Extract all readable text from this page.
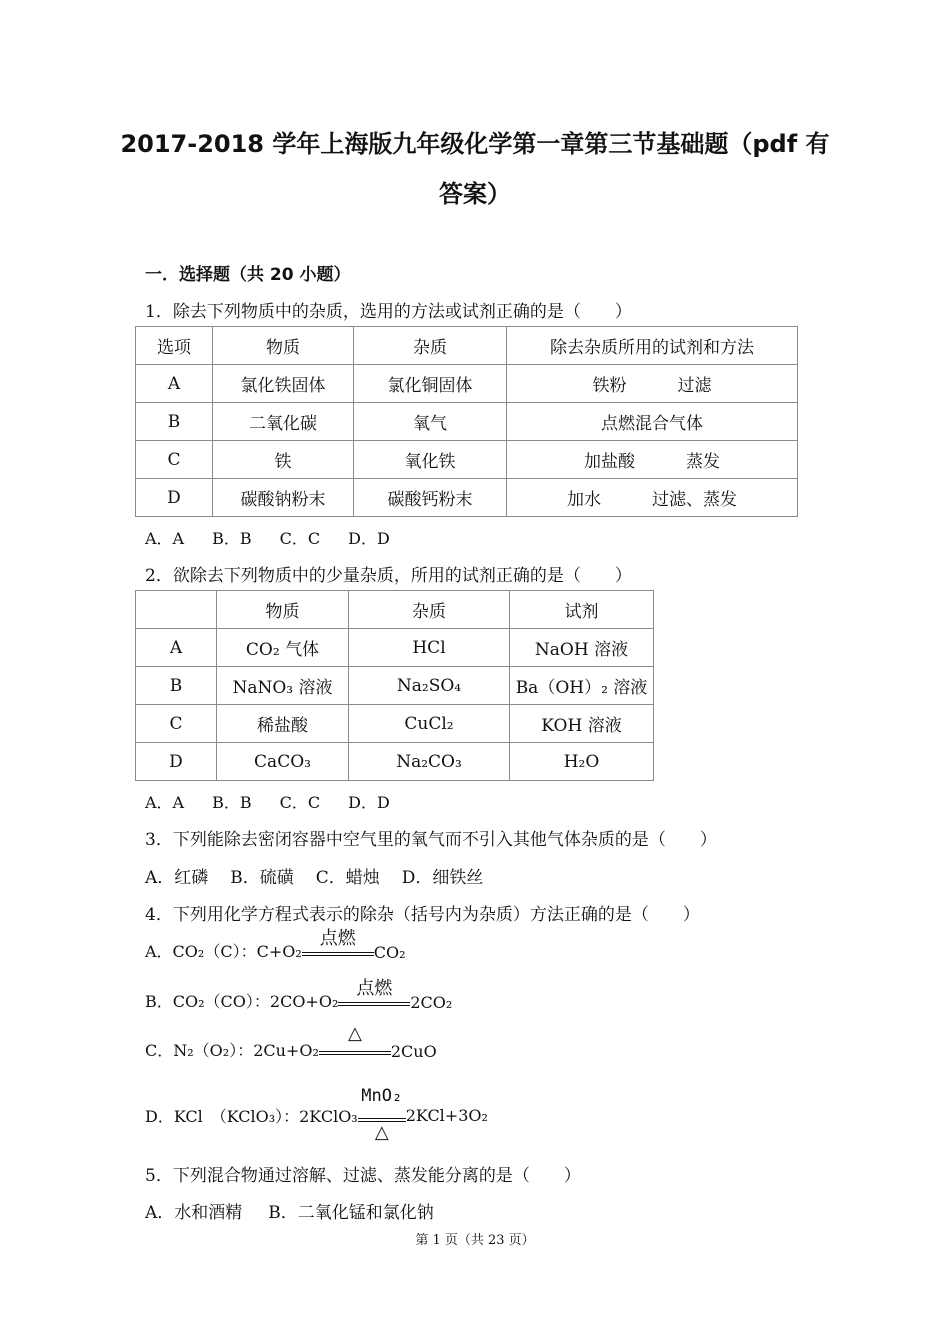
2017-2018 学年上海版九年级化学第一章第三节基础题（pdf 有
答案）
一．选择题（共 20 小题）
1．除去下列物质中的杂质，选用的方法或试剂正确的是（　　）
选项	物质	杂质	除去杂质所用的试剂和方法
A	氯化铁固体	氯化铜固体	铁粉　　　过滤
B	二氧化碳	氧气	点燃混合气体
C	铁	氧化铁	加盐酸　　　蒸发
D	碳酸钠粉末	碳酸钙粉末	加水　　　过滤、蒸发
A．A B．B C．C D．D
2．欲除去下列物质中的少量杂质，所用的试剂正确的是（　　）
	物质	杂质	试剂
A	CO₂ 气体	HCl	NaOH 溶液
B	NaNO₃ 溶液	Na₂SO₄	Ba（OH）₂ 溶液
C	稀盐酸	CuCl₂	KOH 溶液
D	CaCO₃	Na₂CO₃	H₂O
A．A B．B C．C D．D
3．下列能除去密闭容器中空气里的氧气而不引入其他气体杂质的是（　　）
A．红磷 B．硫磺 C．蜡烛 D．细铁丝
4．下列用化学方程式表示的除杂（括号内为杂质）方法正确的是（　　）
A．CO₂（C）：C+O₂
点燃
CO₂
B．CO₂（CO）：2CO+O₂
点燃
2CO₂
C．N₂（O₂）：2Cu+O₂
△
2CuO
D．KCl　（KClO₃）：2KClO₃
MnO₂
△
2KCl+3O₂
5．下列混合物通过溶解、过滤、蒸发能分离的是（　　）
A．水和酒精 B．二氧化锰和氯化钠
第 1 页（共 23 页）
